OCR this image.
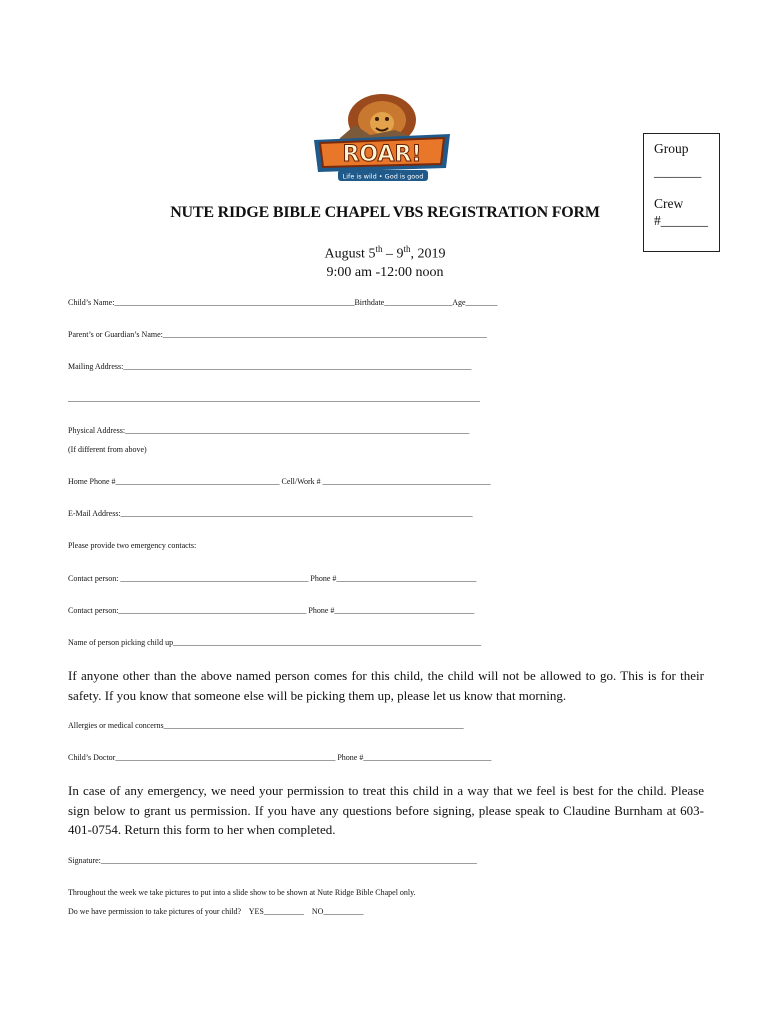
ROAR!
Life is wild • God is good
Group
_______
Crew
#_______
NUTE RIDGE BIBLE CHAPEL VBS REGISTRATION FORM
August 5th – 9th, 2019
9:00 am -12:00 noon
Child’s Name:____________________________________________________________Birthdate_________________Age________
Parent’s or Guardian’s Name:_________________________________________________________________________________
Mailing Address:_______________________________________________________________________________________
_______________________________________________________________________________________________________
Physical Address:______________________________________________________________________________________
(If different from above)
Home Phone #_________________________________________ Cell/Work # __________________________________________
E-Mail Address:________________________________________________________________________________________
Please provide two emergency contacts:
Contact person: _______________________________________________ Phone #___________________________________
Contact person:_______________________________________________ Phone #___________________________________
Name of person picking child up_____________________________________________________________________________
If anyone other than the above named person comes for this child, the child will not be allowed to go. This is for their safety. If you know that someone else will be picking them up, please let us know that morning.
Allergies or medical concerns___________________________________________________________________________
Child’s Doctor_______________________________________________________ Phone #________________________________
In case of any emergency, we need your permission to treat this child in a way that we feel is best for the child. Please sign below to grant us permission. If you have any questions before signing, please speak to Claudine Burnham at 603-401-0754. Return this form to her when completed.
Signature:______________________________________________________________________________________________
Throughout the week we take pictures to put into a slide show to be shown at Nute Ridge Bible Chapel only.
Do we have permission to take pictures of your child? YES__________ NO__________
